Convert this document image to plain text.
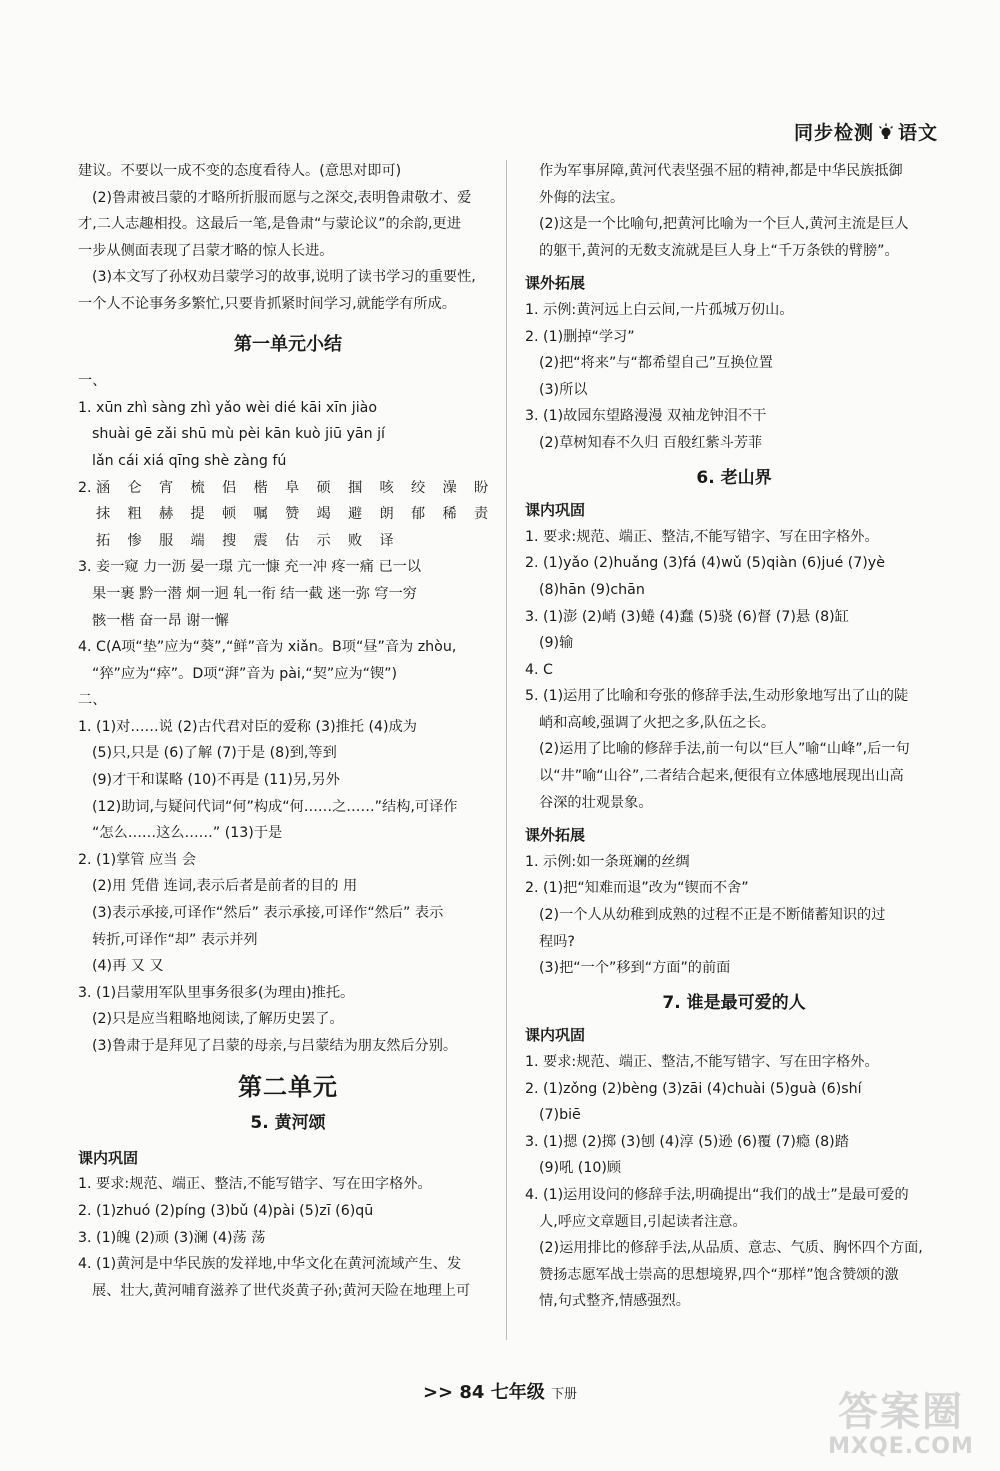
同步检测 语文

建议。不要以一成不变的态度看待人。(意思对即可)

(2)鲁肃被吕蒙的才略所折服而愿与之深交,表明鲁肃敬才、爱

才,二人志趣相投。这最后一笔,是鲁肃“与蒙论议”的余韵,更进

一步从侧面表现了吕蒙才略的惊人长进。

(3)本文写了孙权劝吕蒙学习的故事,说明了读书学习的重要性,

一个人不论事务多繁忙,只要肯抓紧时间学习,就能学有所成。

第一单元小结

一、

1. xūn zhì sàng zhì yǎo wèi dié kāi xīn jiào

shuài gē zǎi shū mù pèi kān kuò jiū yān jí

lǎn cái xiá qīng shè zàng fú

2. 涵	仑	宵	梳	侣	楷	阜	硕	掴	咳	绞	澡	盼
抹	粗	赫	提	顿	嘱	赞	竭	避	朗	郁	稀	责
拓	惨	服	端	搜	震	估	示	败	译

3. 妾一窥 力一沥 晏一璟 亢一慷 充一冲 疼一痛 已一以

果一裹 黔一潜 炯一迥 轧一衔 结一截 迷一弥 穹一穷

骸一楷 奋一昂 谢一懈

4. C(A项“垫”应为“葵”,“鲜”音为 xiǎn。B项“昼”音为 zhòu,

“猝”应为“瘁”。D项“湃”音为 pài,“契”应为“锲”)

二、

1. (1)对……说 (2)古代君对臣的爱称 (3)推托 (4)成为

(5)只,只是 (6)了解 (7)于是 (8)到,等到

(9)才干和谋略 (10)不再是 (11)另,另外

(12)助词,与疑问代词“何”构成“何……之……”结构,可译作

“怎么……这么……” (13)于是

2. (1)掌管 应当 会

(2)用 凭借 连词,表示后者是前者的目的 用

(3)表示承接,可译作“然后” 表示承接,可译作“然后” 表示

转折,可译作“却” 表示并列

(4)再 又 又

3. (1)吕蒙用军队里事务很多(为理由)推托。

(2)只是应当粗略地阅读,了解历史罢了。

(3)鲁肃于是拜见了吕蒙的母亲,与吕蒙结为朋友然后分别。

第二单元
5. 黄河颂

课内巩固

1. 要求:规范、端正、整洁,不能写错字、写在田字格外。

2. (1)zhuó (2)píng (3)bǔ (4)pài (5)zī (6)qū

3. (1)魄 (2)顽 (3)澜 (4)荡 荡

4. (1)黄河是中华民族的发祥地,中华文化在黄河流域产生、发

展、壮大,黄河哺育滋养了世代炎黄子孙;黄河天险在地理上可

作为军事屏障,黄河代表坚强不屈的精神,都是中华民族抵御

外侮的法宝。

(2)这是一个比喻句,把黄河比喻为一个巨人,黄河主流是巨人

的躯干,黄河的无数支流就是巨人身上“千万条铁的臂膀”。

课外拓展

1. 示例:黄河远上白云间,一片孤城万仞山。

2. (1)删掉“学习”

(2)把“将来”与“都希望自己”互换位置

(3)所以

3. (1)故园东望路漫漫 双袖龙钟泪不干

(2)草树知春不久归 百般红紫斗芳菲

6. 老山界

课内巩固

1. 要求:规范、端正、整洁,不能写错字、写在田字格外。

2. (1)yǎo (2)huǎng (3)fá (4)wǔ (5)qiàn (6)jué (7)yè

(8)hān (9)chān

3. (1)澎 (2)峭 (3)蜷 (4)蠢 (5)骁 (6)督 (7)悬 (8)缸

(9)输

4. C

5. (1)运用了比喻和夸张的修辞手法,生动形象地写出了山的陡

峭和高峻,强调了火把之多,队伍之长。

(2)运用了比喻的修辞手法,前一句以“巨人”喻“山峰”,后一句

以“井”喻“山谷”,二者结合起来,便很有立体感地展现出山高

谷深的壮观景象。

课外拓展

1. 示例:如一条斑斓的丝绸

2. (1)把“知难而退”改为“锲而不舍”

(2)一个人从幼稚到成熟的过程不正是不断储蓄知识的过

程吗?

(3)把“一个”移到“方面”的前面

7. 谁是最可爱的人

课内巩固

1. 要求:规范、端正、整洁,不能写错字、写在田字格外。

2. (1)zǒng (2)bèng (3)zāi (4)chuài (5)guà (6)shí

(7)biē

3. (1)摁 (2)掷 (3)刨 (4)淳 (5)逊 (6)覆 (7)瘾 (8)踏

(9)吼 (10)顾

4. (1)运用设问的修辞手法,明确提出“我们的战士”是最可爱的

人,呼应文章题目,引起读者注意。

(2)运用排比的修辞手法,从品质、意志、气质、胸怀四个方面,

赞扬志愿军战士崇高的思想境界,四个“那样”饱含赞颂的激

情,句式整齐,情感强烈。

>> 84 七年级 下册	答案圈
MXQE.COM
